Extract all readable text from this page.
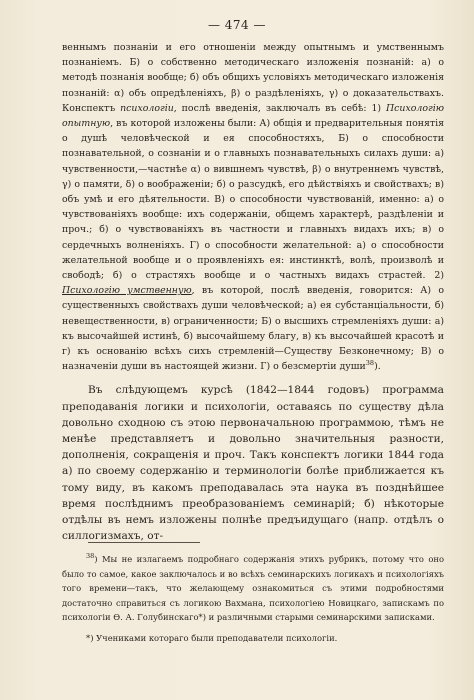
— 474 —

веннымъ познанiи и его отношенiи между опытнымъ и умственнымъ познанiемъ. Б) о собственно методическаго изложенiя познанiй: а) о методѣ познанiя вообще; б) объ общихъ условiяхъ методическаго изложенiя познанiй: α) объ опредѣленiяхъ, β) о раздѣленiяхъ, γ) о доказательствахъ. Конспектъ психологiи, послѣ введенiя, заключалъ въ себѣ: 1) Психологiю опытную, въ которой изложены были: А) общiя и предварительныя понятiя о душѣ человѣческой и ея способностяхъ, Б) о способности познавательной, о сознанiи и о главныхъ познавательныхъ силахъ души: а) чувственности,—частнѣе α) о вившнемъ чувствѣ, β) о внутреннемъ чувствѣ, γ) о памяти, δ) о воображенiи; б) о разсудкѣ, его дѣйствiяхъ и свойствахъ; в) объ умѣ и его дѣятельности. В) о способности чувствованiй, именно: а) о чувствованiяхъ вообще: ихъ содержанiи, общемъ характерѣ, раздѣленiи и проч.; б) о чувствованiяхъ въ частности и главныхъ видахъ ихъ; в) о сердечныхъ волненiяхъ. Г) о способности желательной: а) о способности желательной вообще и о проявленiяхъ ея: инстинктѣ, волѣ, произволѣ и свободѣ; б) о страстяхъ вообще и о частныхъ видахъ страстей. 2) Психологiю умственную, въ которой, послѣ введенiя, говорится: А) о существенныхъ свойствахъ души человѣческой; а) ея субстанцiальности, б) невещественности, в) ограниченности; Б) о высшихъ стремленiяхъ души: а) къ высочайшей истинѣ, б) высочайшему благу, в) къ высочайшей красотѣ и г) къ основанiю всѣхъ сихъ стремленiй—Существу Безконечному; В) о назначенiи души въ настоящей жизни. Г) о безсмертiи души$^{38}$).

Въ слѣдующемъ курсѣ (1842—1844 годовъ) программа преподаванiя логики и психологiи, оставаясь по существу дѣла довольно сходною съ этою первоначальною программою, тѣмъ не менѣе представляетъ и довольно значительныя разности, дополненiя, сокращенiя и проч. Такъ конспектъ логики 1844 года а) по своему содержанiю и терминологiи болѣе приближается къ тому виду, въ какомъ преподавалась эта наука въ позднѣйшее время послѣднимъ преобразованiемъ семинарiй; б) нѣкоторые отдѣлы въ немъ изложены полнѣе предъидущаго (напр. отдѣлъ о силлогизмахъ, от-

$^{38}$) Мы не излагаемъ подробнаго содержанiя этихъ рубрикъ, потому что оно было то самое, какое заключалось и во всѣхъ семинарскихъ логикахъ и психологiяхъ того времени—такъ, что желающему ознакомиться съ этими подробностями достаточно справиться съ логикою Вахмана, психологiею Новицкаго, запискамъ по психологiи Ѳ. А. Голубинскаго*) и различными старыми семинарскими записками.

*) Учениками котораго были преподаватели психологiи.
